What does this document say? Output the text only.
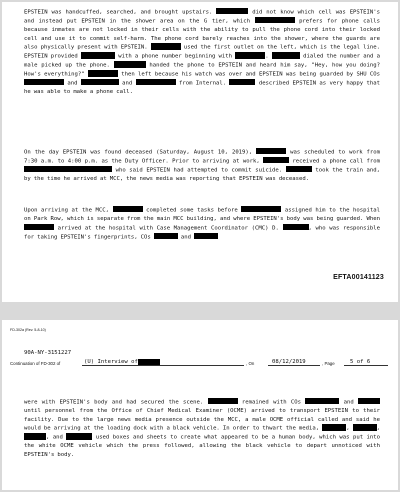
EPSTEIN was handcuffed, searched, and brought upstairs.	did not know which cell was EPSTEIN's and instead put EPSTEIN in the shower area on the G tier, which	prefers for phone calls because inmates are not locked in their cells with the ability to pull the phone cord into their locked cell and use it to commit self-harm. The phone cord barely reaches into the shower, where the guards are also physically present with EPSTEIN.	used the first outlet on the left, which is the legal line. EPSTEIN provided	with a phone number beginning with	.	dialed the number and a male picked up the phone.	handed the phone to EPSTEIN and heard him say, "Hey, how you doing? How's everything?"	then left because his watch was over and EPSTEIN was being guarded by SHU COs  and	and	from Internal.	described EPSTEIN as very happy that he was able to make a phone call.
On the day EPSTEIN was found deceased (Saturday, August 10, 2019),	was scheduled to work from 7:30 a.m. to 4:00 p.m. as the Duty Officer. Prior to arriving at work,	received a phone call from  who said EPSTEIN had attempted to commit suicide.	took the train and, by the time he arrived at MCC, the news media was reporting that EPSTEIN was deceased.
Upon arriving at the MCC,	completed some tasks before	assigned him to the hospital on Park Row, which is separate from the main MCC building, and where EPSTEIN's body was being guarded. When  arrived at the hospital with Case Management Coordinator (CMC) D.	, who was responsible for taking EPSTEIN's fingerprints, COs	and
EFTA00141123
FD-302a (Rev. 5-8-10)
90A-NY-3151227
Continuation of FD-302 of	(U) Interview of	, On	08/12/2019	, Page	5 of 6
were with EPSTEIN's body and had secured the scene.	remained with COs	and  until personnel from the Office of Chief Medical Examiner (OCME) arrived to transport EPSTEIN to their facility. Due to the large news media presence outside the MCC, a male OCME official called and said he would be arriving at the loading dock with a black vehicle. In order to thwart the media,	,	, , and	used boxes and sheets to create what appeared to be a human body, which was put into the white OCME vehicle which the press followed, allowing the black vehicle to depart unnoticed with EPSTEIN's body.
